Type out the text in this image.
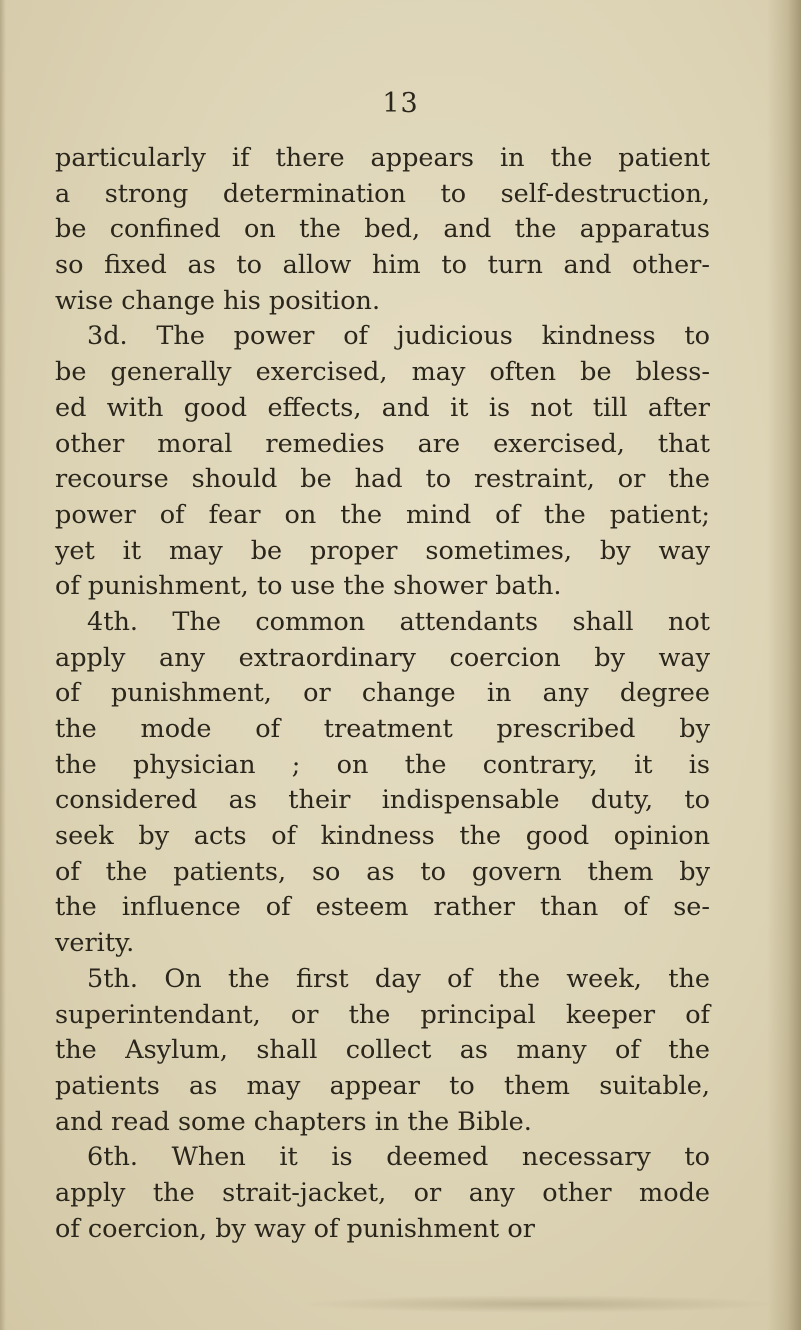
13
particularly if there appears in the patient
a strong determination to self-destruction,
be confined on the bed, and the apparatus
so fixed as to allow him to turn and other-
wise change his position.
3d. The power of judicious kindness to
be generally exercised, may often be bless-
ed with good effects, and it is not till after
other moral remedies are exercised, that
recourse should be had to restraint, or the
power of fear on the mind of the patient;
yet it may be proper sometimes, by way
of punishment, to use the shower bath.
4th. The common attendants shall not
apply any extraordinary coercion by way
of punishment, or change in any degree
the mode of treatment prescribed by
the physician ; on the contrary, it is
considered as their indispensable duty, to
seek by acts of kindness the good opinion
of the patients, so as to govern them by
the influence of esteem rather than of se-
verity.
5th. On the first day of the week, the
superintendant, or the principal keeper of
the Asylum, shall collect as many of the
patients as may appear to them suitable,
and read some chapters in the Bible.
6th. When it is deemed necessary to
apply the strait-jacket, or any other mode
of coercion, by way of punishment or
